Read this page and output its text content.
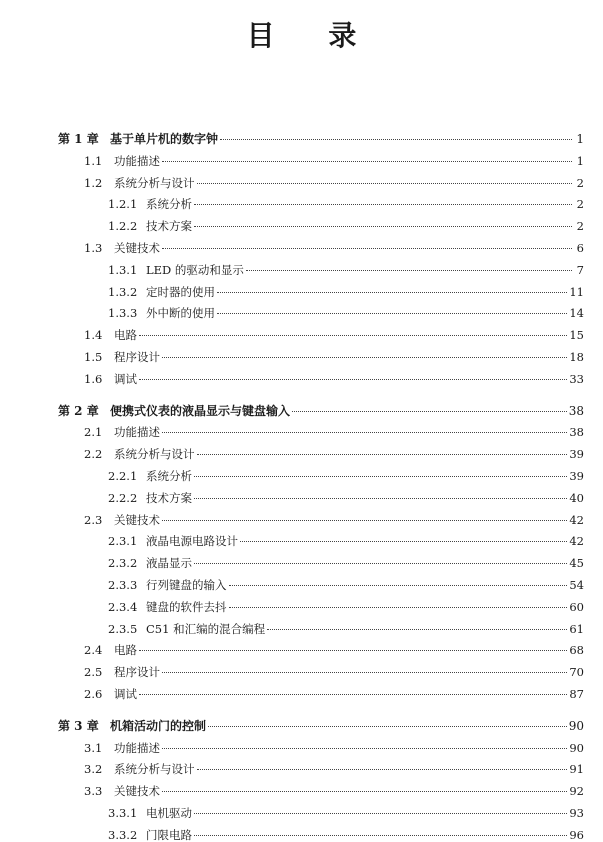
目 录
第 1 章 基于单片机的数字钟	1
1.1	功能描述	1
1.2	系统分析与设计	2
1.2.1 系统分析	2
1.2.2 技术方案	2
1.3	关键技术	6
1.3.1 LED 的驱动和显示	7
1.3.2 定时器的使用	11
1.3.3 外中断的使用	14
1.4	电路	15
1.5	程序设计	18
1.6	调试	33
第 2 章 便携式仪表的液晶显示与键盘输入	38
2.1	功能描述	38
2.2	系统分析与设计	39
2.2.1 系统分析	39
2.2.2 技术方案	40
2.3	关键技术	42
2.3.1 液晶电源电路设计	42
2.3.2 液晶显示	45
2.3.3 行列键盘的输入	54
2.3.4 键盘的软件去抖	60
2.3.5 C51 和汇编的混合编程	61
2.4	电路	68
2.5	程序设计	70
2.6	调试	87
第 3 章 机箱活动门的控制	90
3.1	功能描述	90
3.2	系统分析与设计	91
3.3	关键技术	92
3.3.1 电机驱动	93
3.3.2 门限电路	96
